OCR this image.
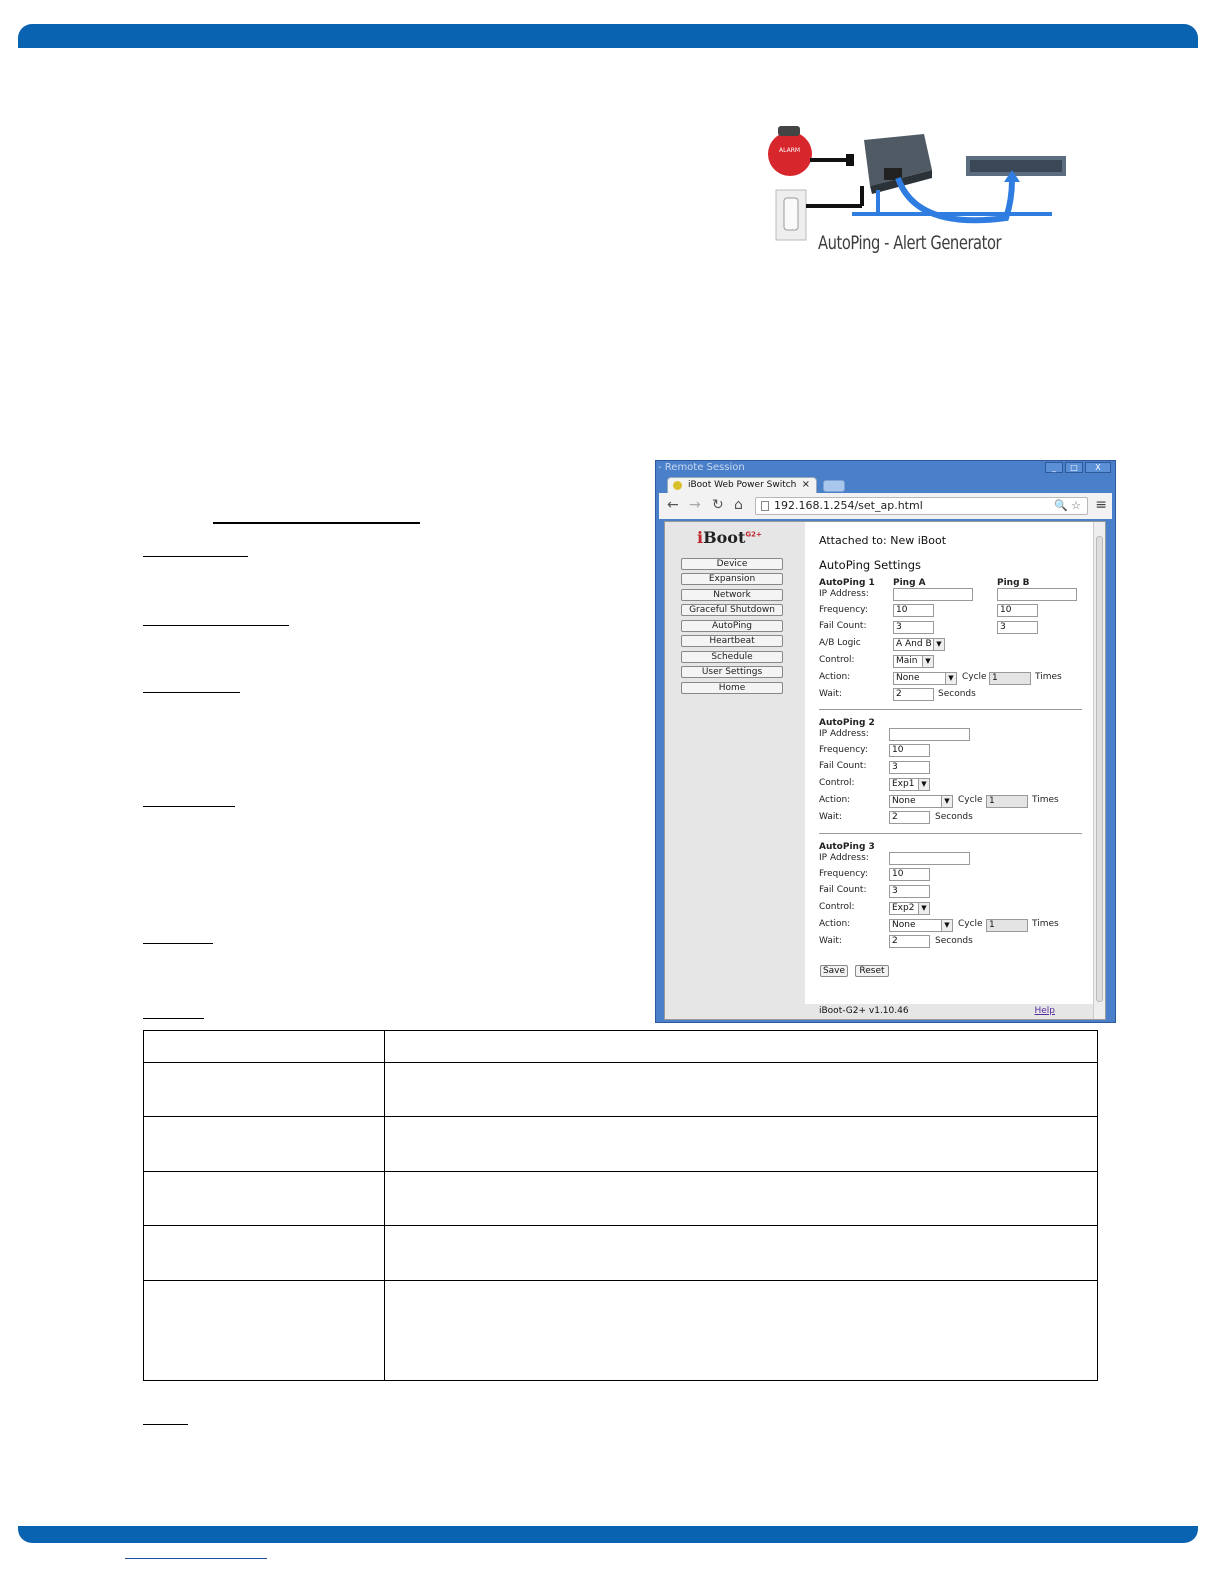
ALARM
AutoPing - Alert Generator
- Remote Session	_	□	X
iBoot Web Power Switch ×
← → ↻ ⌂	192.168.1.254/set_ap.html	🔍 ☆ ≡
iBoot$^{G2+}$
Device
Expansion
Network
Graceful Shutdown
AutoPing
Heartbeat
Schedule
User Settings
Home
Attached to: New iBoot
AutoPing Settings
AutoPing 1 Ping A	Ping B
IP Address:
Frequency:	10	10
Fail Count:	3	3
A/B Logic	A And B ▼
Control:	Main	▼
Action:	None	▼ Cycle 1	Times
Wait:	2	Seconds
AutoPing 2
IP Address:
Frequency:	10
Fail Count:	3
Control:	Exp1 ▼
Action:	None	▼ Cycle 1	Times
Wait:	2	Seconds
AutoPing 3
IP Address:
Frequency:	10
Fail Count:	3
Control:	Exp2 ▼
Action:	None	▼ Cycle 1	Times
Wait:	2	Seconds
Save	Reset
iBoot-G2+ v1.10.46	Help
